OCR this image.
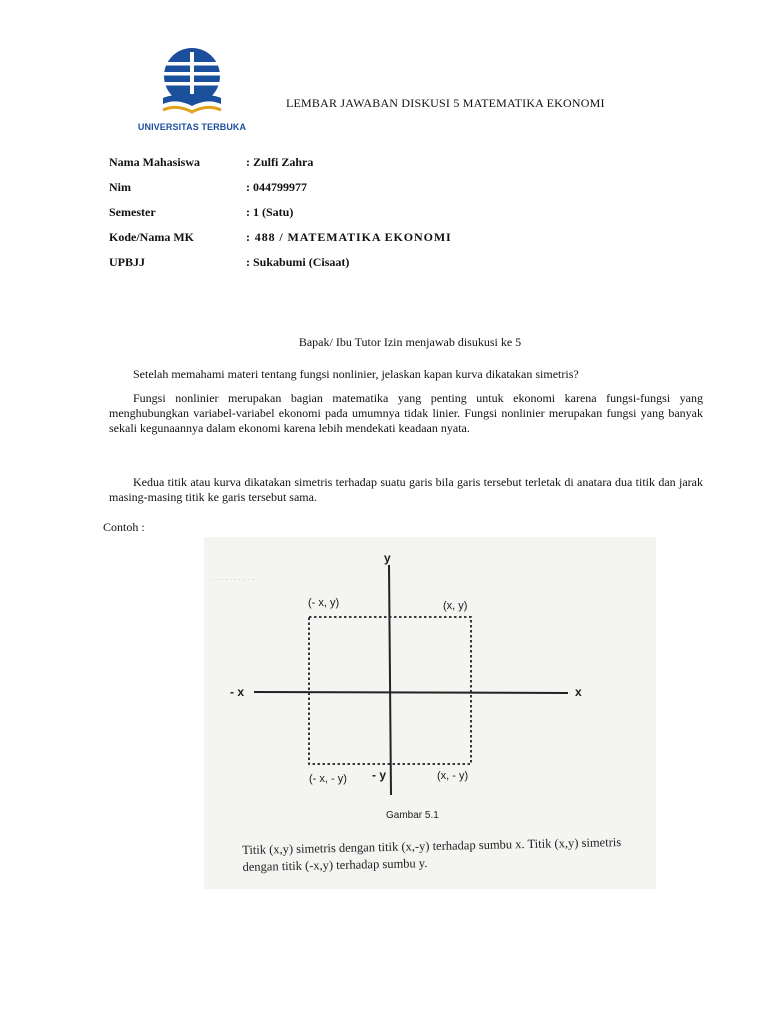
UNIVERSITAS TERBUKA
LEMBAR JAWABAN DISKUSI 5 MATEMATIKA EKONOMI
Nama Mahasiswa	: Zulfi Zahra
Nim	: 044799977
Semester	: 1 (Satu)
Kode/Nama MK	: 488 / MATEMATIKA EKONOMI
UPBJJ	: Sukabumi (Cisaat)
Bapak/ Ibu Tutor Izin menjawab disukusi ke 5
Setelah memahami materi tentang fungsi nonlinier, jelaskan kapan kurva dikatakan simetris?
Fungsi nonlinier merupakan bagian matematika yang penting untuk ekonomi karena fungsi-fungsi yang menghubungkan variabel-variabel ekonomi pada umumnya tidak linier. Fungsi nonlinier merupakan fungsi yang banyak sekali kegunaannya dalam ekonomi karena lebih mendekati keadaan nyata.
Kedua titik atau kurva dikatakan simetris terhadap suatu garis bila garis tersebut terletak di anatara dua titik dan jarak masing-masing titik ke garis tersebut sama.
Contoh :
. . . . . . . . . .
y
- x	x
- y
(- x, y)	(x, y)
(- x, - y)	(x, - y)
Gambar 5.1
Titik (x,y) simetris dengan titik (x,-y) terhadap sumbu x. Titik (x,y) simetris dengan titik (-x,y) terhadap sumbu y.
